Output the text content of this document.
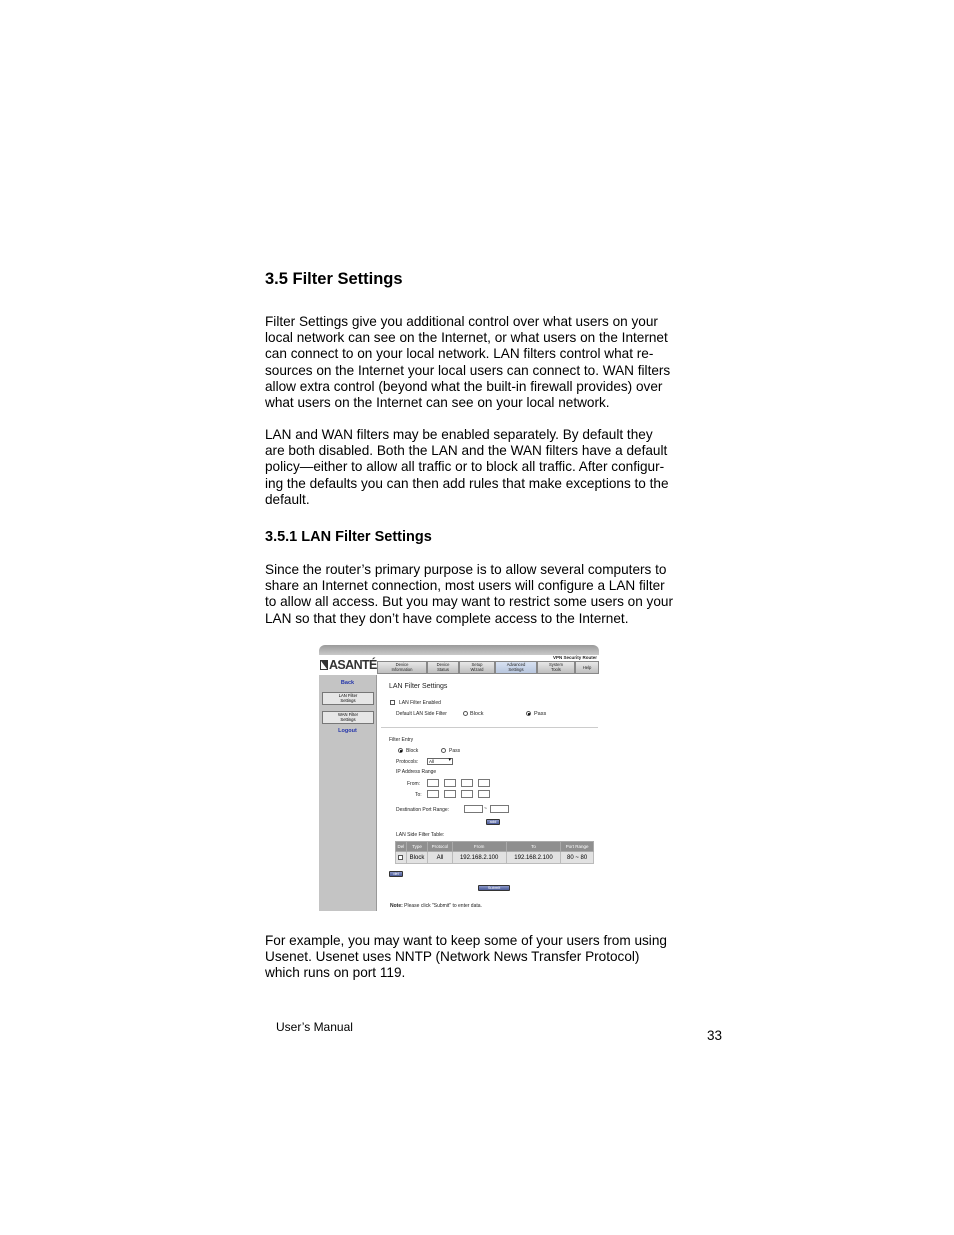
3.5 Filter Settings

Filter Settings give you additional control over what users on your
local network can see on the Internet, or what users on the Internet
can connect to on your local network. LAN filters control what re-
sources on the Internet your local users can connect to. WAN filters
allow extra control (beyond what the built-in firewall provides) over
what users on the Internet can see on your local network.

LAN and WAN filters may be enabled separately. By default they
are both disabled. Both the LAN and the WAN filters have a default
policy—either to allow all traffic or to block all traffic. After configur-
ing the defaults you can then add rules that make exceptions to the
default.

3.5.1 LAN Filter Settings

Since the router’s primary purpose is to allow several computers to
share an Internet connection, most users will configure a LAN filter
to allow all access. But you may want to restrict some users on your
LAN so that they don’t have complete access to the Internet.

VPN Security Router
ASANTÉ	Device
Information
Device
Status
Setup
Wizard
Advanced
Settings
System
Tools	Help
Back
LAN Filter
Settings
WAN Filter
Settings
Logout
LAN Filter Settings
LAN Filter Enabled
Default LAN Side Filter	Block	Pass
Filter Entry
Block	Pass
Protocols:	All ▾
IP Address Range
From:
To:
Destination Port Range:	~
add
LAN Side Filter Table:
Del	Type	Protocol	From	To	Port Range
	Block	All	192.168.2.100	192.168.2.100	80 ~ 80
del
Submit
Note: Please click "Submit" to enter data.

For example, you may want to keep some of your users from using
Usenet. Usenet uses NNTP (Network News Transfer Protocol)
which runs on port 119.

User’s Manual
33
